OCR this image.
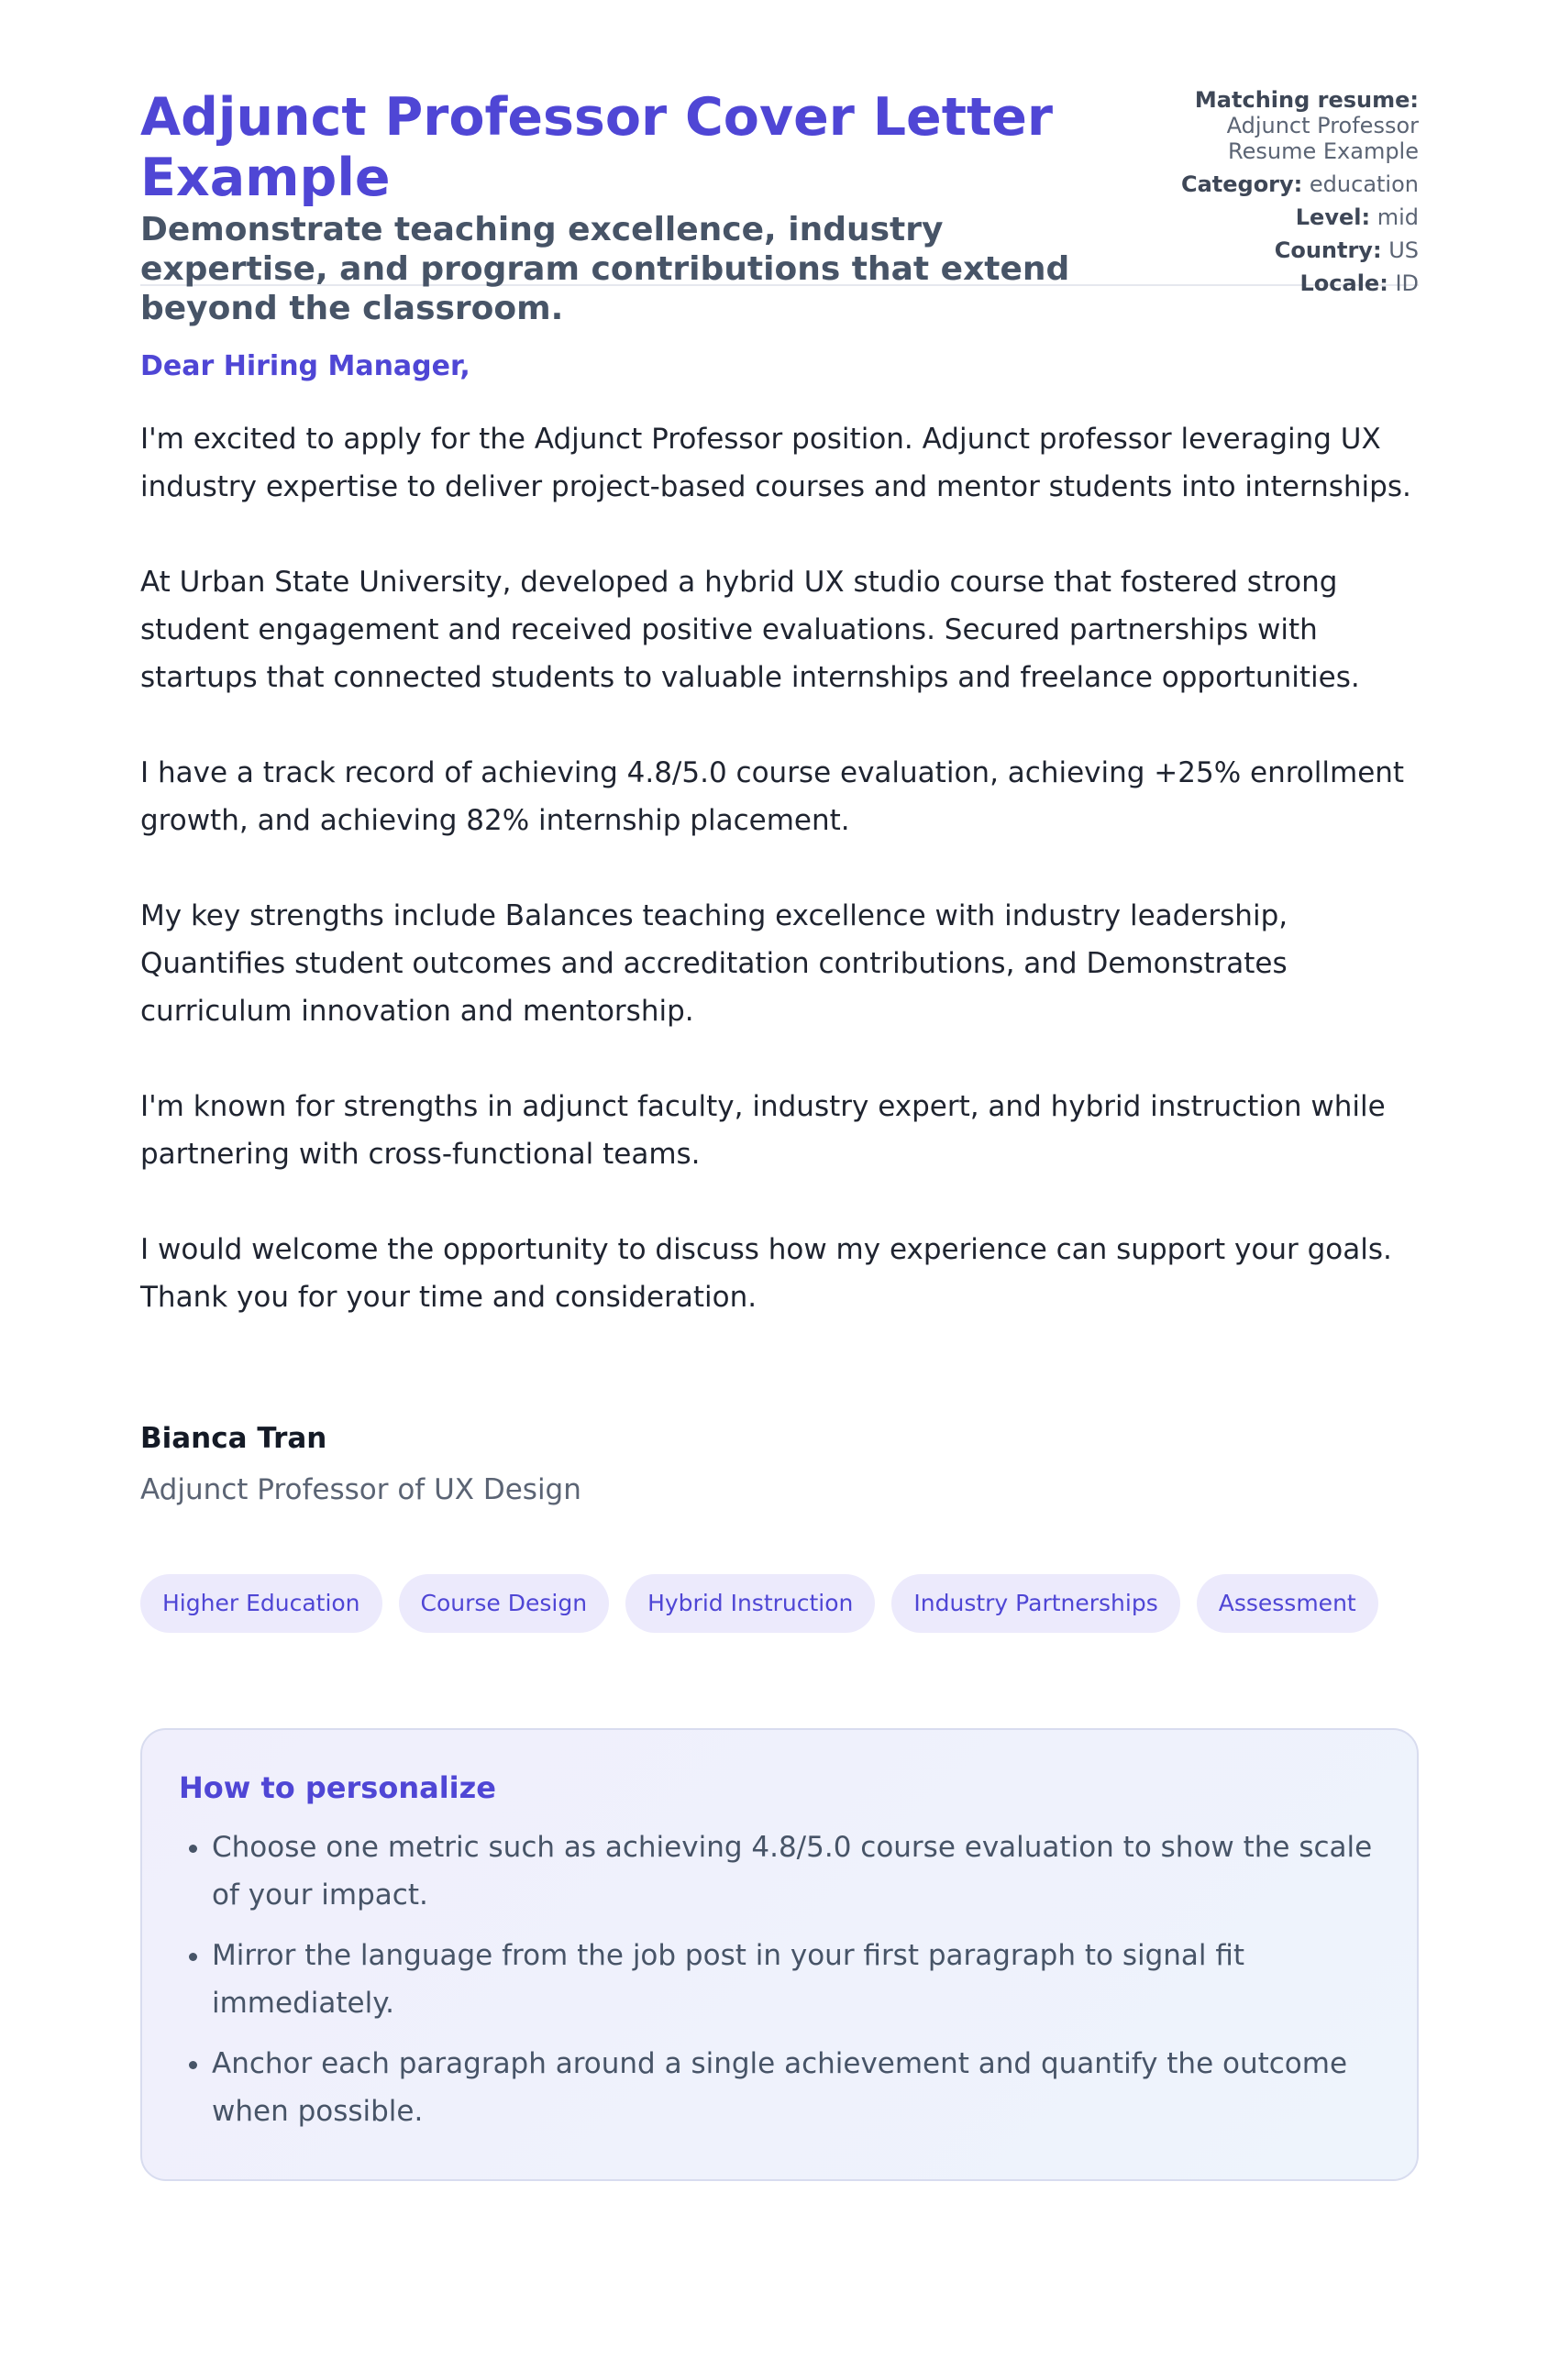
Adjunct Professor Cover Letter Example

Demonstrate teaching excellence, industry expertise, and program contributions that extend beyond the classroom.

Matching resume:
Adjunct Professor Resume Example
Category: education
Level: mid
Country: US
Locale: ID

Dear Hiring Manager,

I'm excited to apply for the Adjunct Professor position. Adjunct professor leveraging UX industry expertise to deliver project-based courses and mentor students into internships.

At Urban State University, developed a hybrid UX studio course that fostered strong student engagement and received positive evaluations. Secured partnerships with startups that connected students to valuable internships and freelance opportunities.

I have a track record of achieving 4.8/5.0 course evaluation, achieving +25% enrollment growth, and achieving 82% internship placement.

My key strengths include Balances teaching excellence with industry leadership, Quantifies student outcomes and accreditation contributions, and Demonstrates curriculum innovation and mentorship.

I'm known for strengths in adjunct faculty, industry expert, and hybrid instruction while partnering with cross-functional teams.

I would welcome the opportunity to discuss how my experience can support your goals. Thank you for your time and consideration.

Bianca Tran

Adjunct Professor of UX Design

Higher Education	Course Design	Hybrid Instruction	Industry Partnerships	Assessment
How to personalize
• Choose one metric such as achieving 4.8/5.0 course evaluation to show the scale of your impact.
• Mirror the language from the job post in your first paragraph to signal fit immediately.
• Anchor each paragraph around a single achievement and quantify the outcome when possible.
